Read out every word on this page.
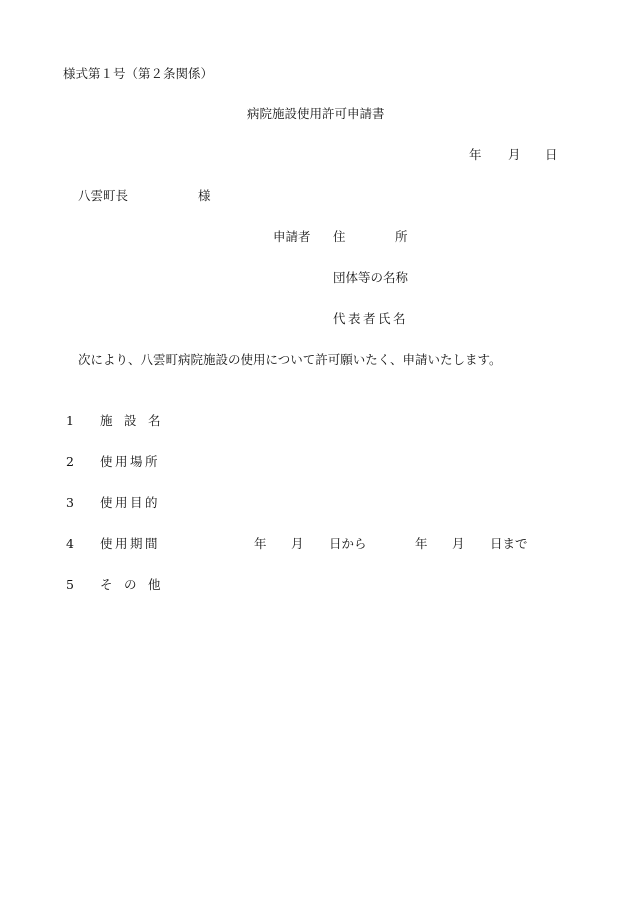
様式第１号（第２条関係）
病院施設使用許可申請書
年 月 日
八雲町長	様
申請者 住	所
団体等の名称
代 表 者 氏 名
次により、八雲町病院施設の使用について許可願いたく、申請いたします。
1 施 設 名
2 使 用 場 所
3 使 用 目 的
4 使 用 期 間	年 月 日から	年 月 日まで
5 そ の 他
